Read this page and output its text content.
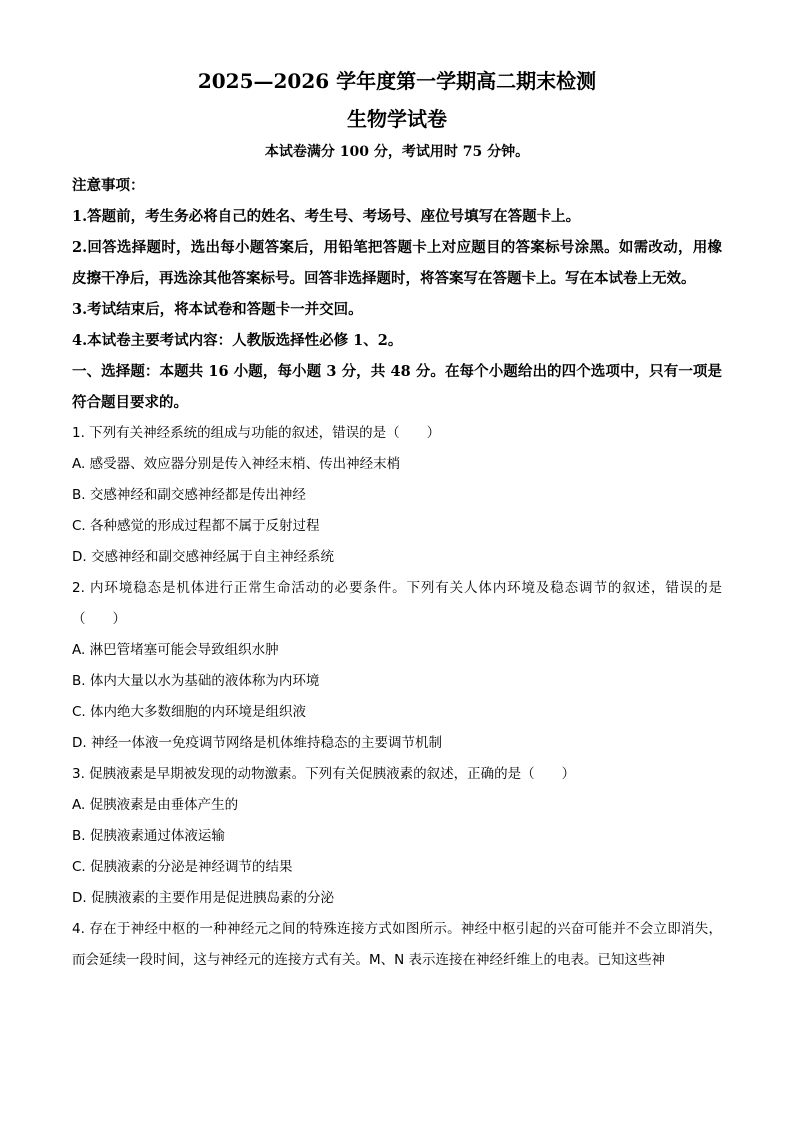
2025—2026 学年度第一学期高二期末检测
生物学试卷
本试卷满分 100 分，考试用时 75 分钟。

注意事项：

1.答题前，考生务必将自己的姓名、考生号、考场号、座位号填写在答题卡上。

2.回答选择题时，选出每小题答案后，用铅笔把答题卡上对应题目的答案标号涂黑。如需改动，用橡皮擦干净后，再选涂其他答案标号。回答非选择题时，将答案写在答题卡上。写在本试卷上无效。

3.考试结束后，将本试卷和答题卡一并交回。

4.本试卷主要考试内容：人教版选择性必修 1、2。

一、选择题：本题共 16 小题，每小题 3 分，共 48 分。在每个小题给出的四个选项中，只有一项是符合题目要求的。

1. 下列有关神经系统的组成与功能的叙述，错误的是（　　）

A. 感受器、效应器分别是传入神经末梢、传出神经末梢

B. 交感神经和副交感神经都是传出神经

C. 各种感觉的形成过程都不属于反射过程

D. 交感神经和副交感神经属于自主神经系统

2. 内环境稳态是机体进行正常生命活动的必要条件。下列有关人体内环境及稳态调节的叙述，错误的是（　　）

A. 淋巴管堵塞可能会导致组织水肿

B. 体内大量以水为基础的液体称为内环境

C. 体内绝大多数细胞的内环境是组织液

D. 神经一体液一免疫调节网络是机体维持稳态的主要调节机制

3. 促胰液素是早期被发现的动物激素。下列有关促胰液素的叙述，正确的是（　　）

A. 促胰液素是由垂体产生的

B. 促胰液素通过体液运输

C. 促胰液素的分泌是神经调节的结果

D. 促胰液素的主要作用是促进胰岛素的分泌

4. 存在于神经中枢的一种神经元之间的特殊连接方式如图所示。神经中枢引起的兴奋可能并不会立即消失，而会延续一段时间，这与神经元的连接方式有关。M、N 表示连接在神经纤维上的电表。已知这些神
